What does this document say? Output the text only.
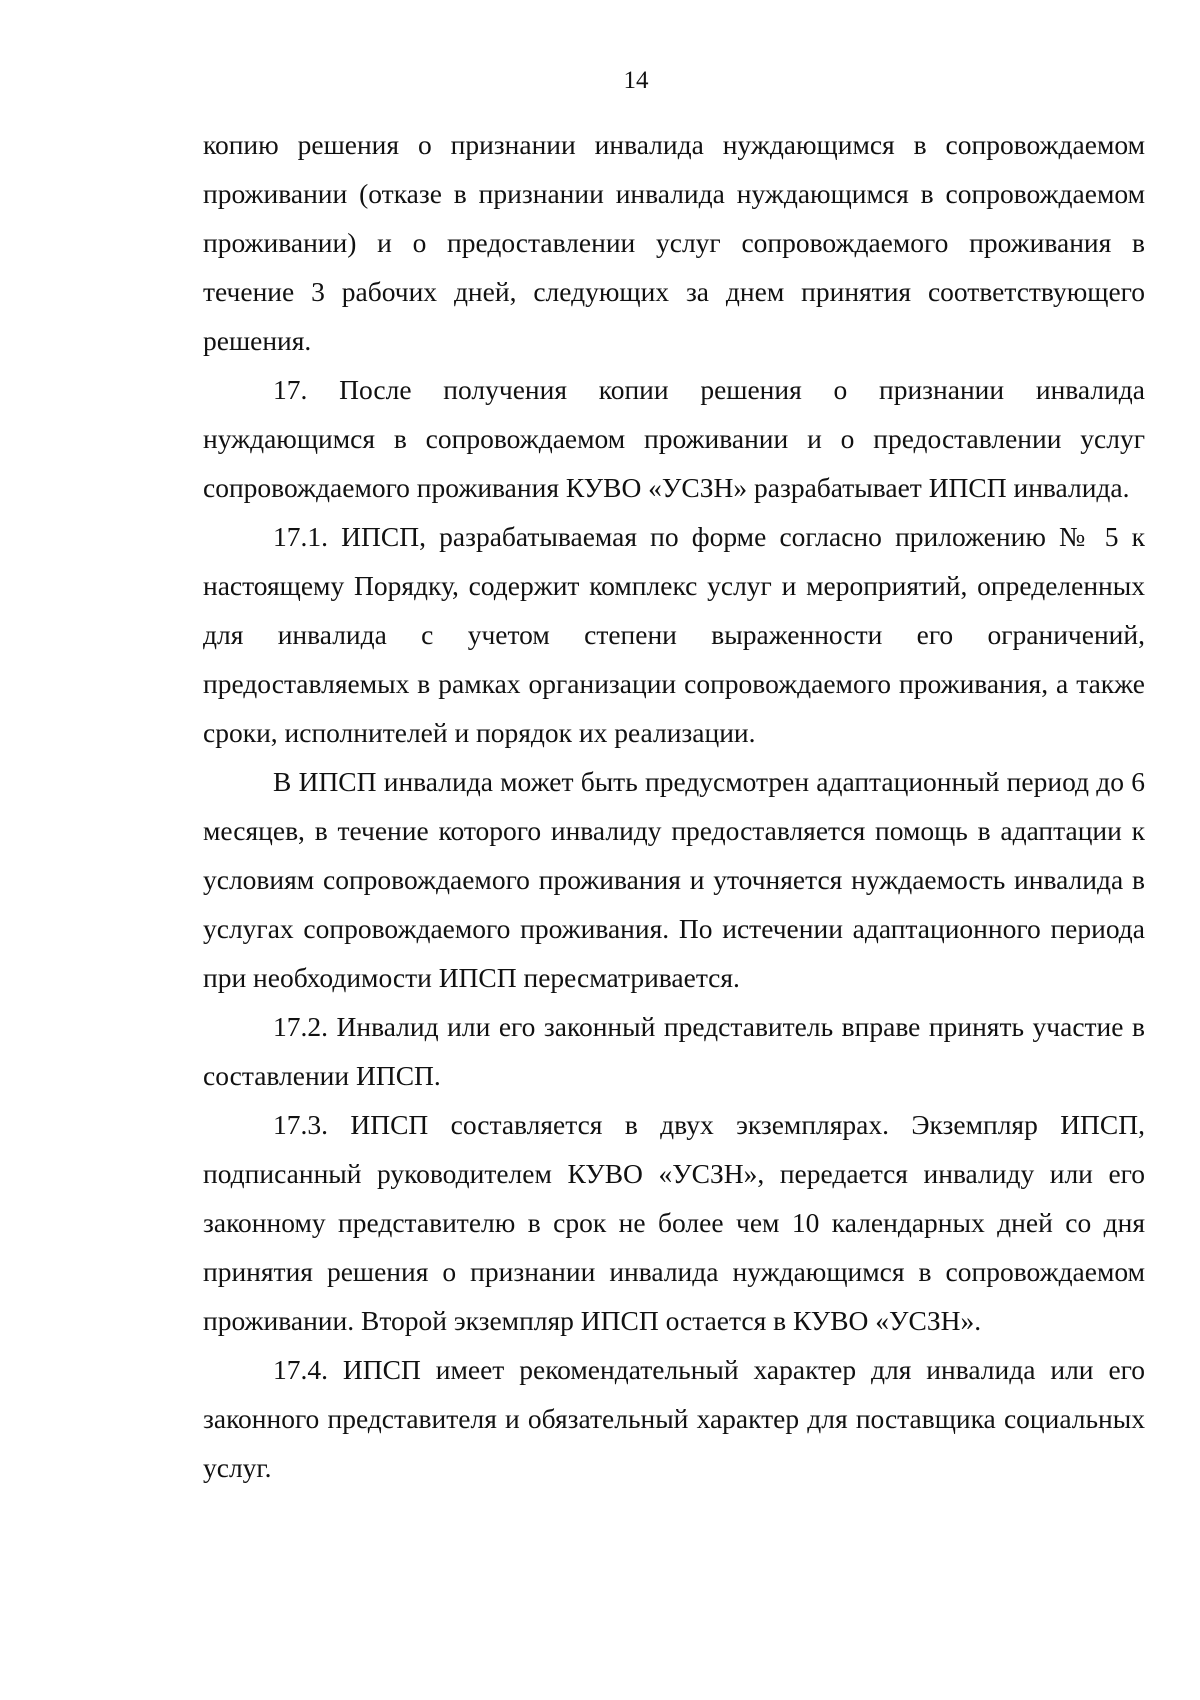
14

копию решения о признании инвалида нуждающимся в сопровождаемом проживании (отказе в признании инвалида нуждающимся в сопровождаемом проживании) и о предоставлении услуг сопровождаемого проживания в течение 3 рабочих дней, следующих за днем принятия соответствующего решения.

17. После получения копии решения о признании инвалида нуждающимся в сопровождаемом проживании и о предоставлении услуг сопровождаемого проживания КУВО «УСЗН» разрабатывает ИПСП инвалида.

17.1. ИПСП, разрабатываемая по форме согласно приложению № 5 к настоящему Порядку, содержит комплекс услуг и мероприятий, определенных для инвалида с учетом степени выраженности его ограничений, предоставляемых в рамках организации сопровождаемого проживания, а также сроки, исполнителей и порядок их реализации.

В ИПСП инвалида может быть предусмотрен адаптационный период до 6 месяцев, в течение которого инвалиду предоставляется помощь в адаптации к условиям сопровождаемого проживания и уточняется нуждаемость инвалида в услугах сопровождаемого проживания. По истечении адаптационного периода при необходимости ИПСП пересматривается.

17.2. Инвалид или его законный представитель вправе принять участие в составлении ИПСП.

17.3. ИПСП составляется в двух экземплярах. Экземпляр ИПСП, подписанный руководителем КУВО «УСЗН», передается инвалиду или его законному представителю в срок не более чем 10 календарных дней со дня принятия решения о признании инвалида нуждающимся в сопровождаемом проживании. Второй экземпляр ИПСП остается в КУВО «УСЗН».

17.4. ИПСП имеет рекомендательный характер для инвалида или его законного представителя и обязательный характер для поставщика социальных услуг.
